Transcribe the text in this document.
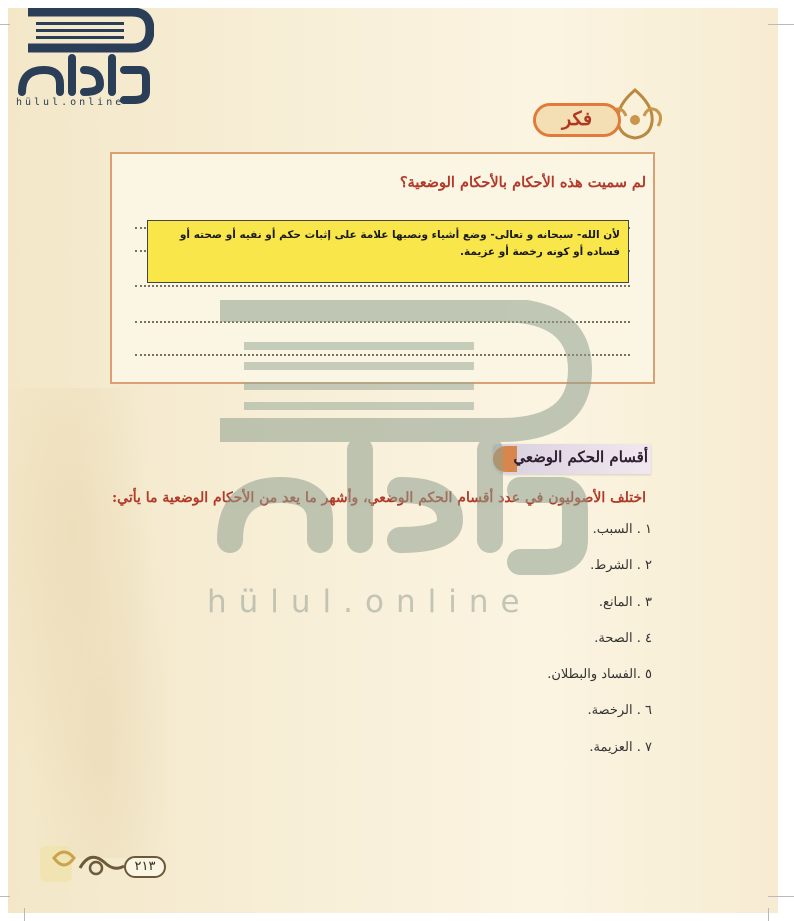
hülul.online
فكر
لم سميت هذه الأحكام بالأحكام الوضعية؟
لأن الله- سبحانه و تعالى- وضع أشياء ونصبها علامة على إثبات حكم أو نفيه أو صحته أو فساده أو كونه رخصة أو عزيمة.
أقسام الحكم الوضعي
اختلف الأصوليون في عدد أقسام الحكم الوضعي، وأشهر ما يعد من الأحكام الوضعية ما يأتي:
١ . السبب.
٢ . الشرط.
٣ . المانع.
٤ . الصحة.
٥ .الفساد والبطلان.
٦ . الرخصة.
٧ . العزيمة.
hülul.online
٢١٣
